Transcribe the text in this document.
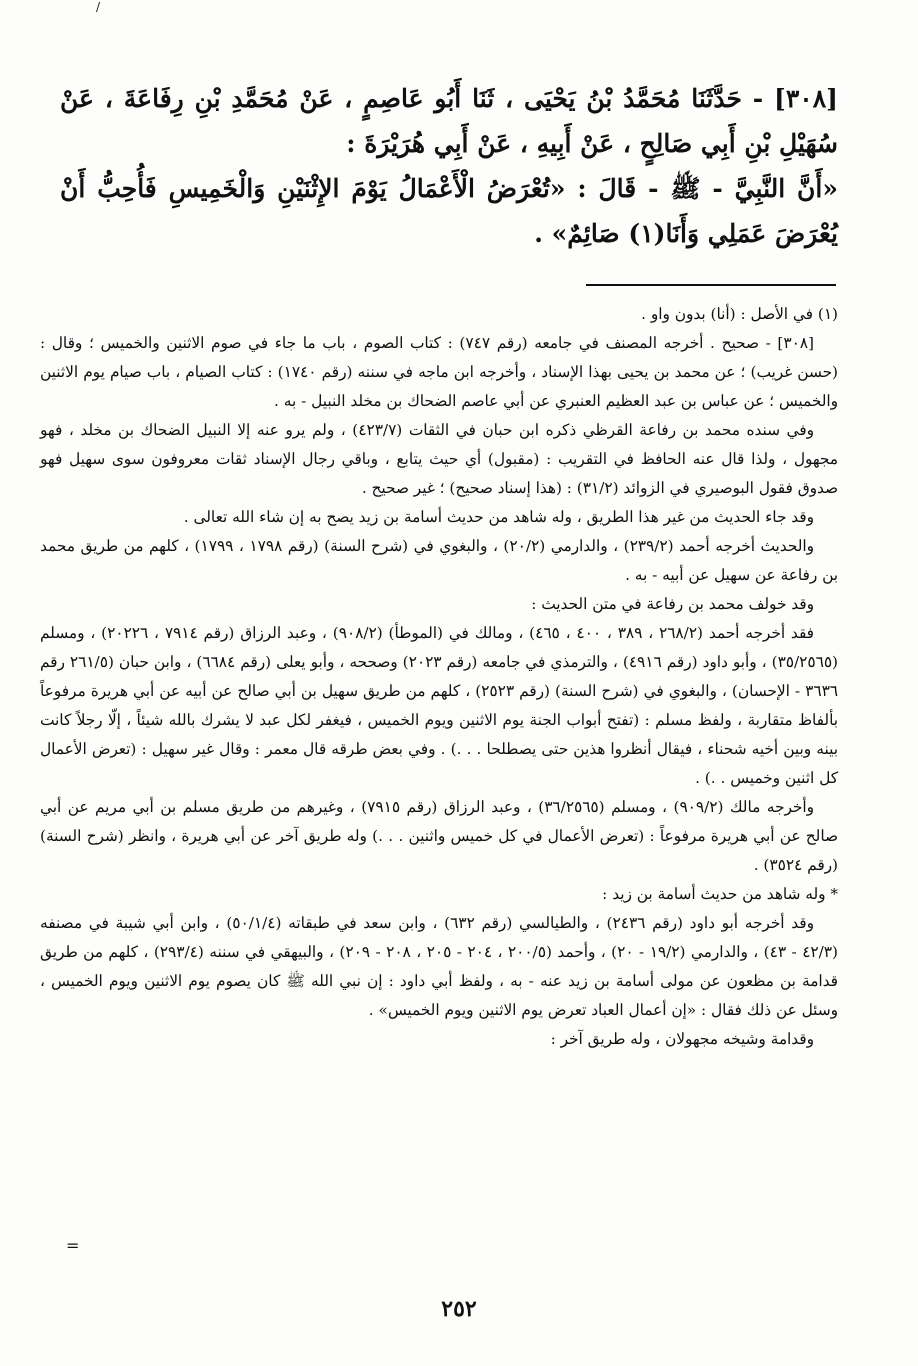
/

[٣٠٨] - حَدَّثَنَا مُحَمَّدُ بْنُ يَحْيَى ، ثَنَا أَبُو عَاصِمٍ ، عَنْ مُحَمَّدِ بْنِ رِفَاعَةَ ، عَنْ سُهَيْلِ بْنِ أَبِي صَالِحٍ ، عَنْ أَبِيهِ ، عَنْ أَبِي هُرَيْرَةَ :

«أَنَّ النَّبِيَّ - ﷺ - قَالَ : «تُعْرَضُ الْأَعْمَالُ يَوْمَ الإِثْنَيْنِ وَالْخَمِيسِ فَأُحِبُّ أَنْ يُعْرَضَ عَمَلِي وَأَنَا(١) صَائِمٌ» .

(١) في الأصل : (أنا) بدون واو .

[٣٠٨] - صحيح . أخرجه المصنف في جامعه (رقم ٧٤٧) : كتاب الصوم ، باب ما جاء في صوم الاثنين والخميس ؛ وقال : (حسن غريب) ؛ عن محمد بن يحيى بهذا الإسناد ، وأخرجه ابن ماجه في سننه (رقم ١٧٤٠) : كتاب الصيام ، باب صيام يوم الاثنين والخميس ؛ عن عباس بن عبد العظيم العنبري عن أبي عاصم الضحاك بن مخلد النبيل - به .

وفي سنده محمد بن رفاعة القرظي ذكره ابن حبان في الثقات (٤٢٣/٧) ، ولم يرو عنه إلا النبيل الضحاك بن مخلد ، فهو مجهول ، ولذا قال عنه الحافظ في التقريب : (مقبول) أي حيث يتابع ، وباقي رجال الإسناد ثقات معروفون سوى سهيل فهو صدوق فقول البوصيري في الزوائد (٣١/٢) : (هذا إسناد صحيح) ؛ غير صحيح .

وقد جاء الحديث من غير هذا الطريق ، وله شاهد من حديث أسامة بن زيد يصح به إن شاء الله تعالى .

والحديث أخرجه أحمد (٢٣٩/٢) ، والدارمي (٢٠/٢) ، والبغوي في (شرح السنة) (رقم ١٧٩٨ ، ١٧٩٩) ، كلهم من طريق محمد بن رفاعة عن سهيل عن أبيه - به .

وقد خولف محمد بن رفاعة في متن الحديث :

فقد أخرجه أحمد (٢٦٨/٢ ، ٣٨٩ ، ٤٠٠ ، ٤٦٥) ، ومالك في (الموطأ) (٩٠٨/٢) ، وعبد الرزاق (رقم ٧٩١٤ ، ٢٠٢٢٦) ، ومسلم (٣٥/٢٥٦٥) ، وأبو داود (رقم ٤٩١٦) ، والترمذي في جامعه (رقم ٢٠٢٣) وصححه ، وأبو يعلى (رقم ٦٦٨٤) ، وابن حبان (٢٦١/٥ رقم ٣٦٣٦ - الإحسان) ، والبغوي في (شرح السنة) (رقم ٢٥٢٣) ، كلهم من طريق سهيل بن أبي صالح عن أبيه عن أبي هريرة مرفوعاً بألفاظ متقاربة ، ولفظ مسلم : (تفتح أبواب الجنة يوم الاثنين ويوم الخميس ، فيغفر لكل عبد لا يشرك بالله شيئاً ، إلّا رجلاً كانت بينه وبين أخيه شحناء ، فيقال أنظروا هذين حتى يصطلحا . . .) . وفي بعض طرقه قال معمر : وقال غير سهيل : (تعرض الأعمال كل اثنين وخميس . .) .

وأخرجه مالك (٩٠٩/٢) ، ومسلم (٣٦/٢٥٦٥) ، وعبد الرزاق (رقم ٧٩١٥) ، وغيرهم من طريق مسلم بن أبي مريم عن أبي صالح عن أبي هريرة مرفوعاً : (تعرض الأعمال في كل خميس واثنين . . .) وله طريق آخر عن أبي هريرة ، وانظر (شرح السنة) (رقم ٣٥٢٤) .

* وله شاهد من حديث أسامة بن زيد :

وقد أخرجه أبو داود (رقم ٢٤٣٦) ، والطيالسي (رقم ٦٣٢) ، وابن سعد في طبقاته (٥٠/١/٤) ، وابن أبي شيبة في مصنفه (٤٢/٣ - ٤٣) ، والدارمي (١٩/٢ - ٢٠) ، وأحمد (٢٠٠/٥ ، ٢٠٤ - ٢٠٥ ، ٢٠٨ - ٢٠٩) ، والبيهقي في سننه (٢٩٣/٤) ، كلهم من طريق قدامة بن مظعون عن مولى أسامة بن زيد عنه - به ، ولفظ أبي داود : إن نبي الله ﷺ كان يصوم يوم الاثنين ويوم الخميس ، وسئل عن ذلك فقال : «إن أعمال العباد تعرض يوم الاثنين ويوم الخميس» .

وقدامة وشيخه مجهولان ، وله طريق آخر :

=
٢٥٢
